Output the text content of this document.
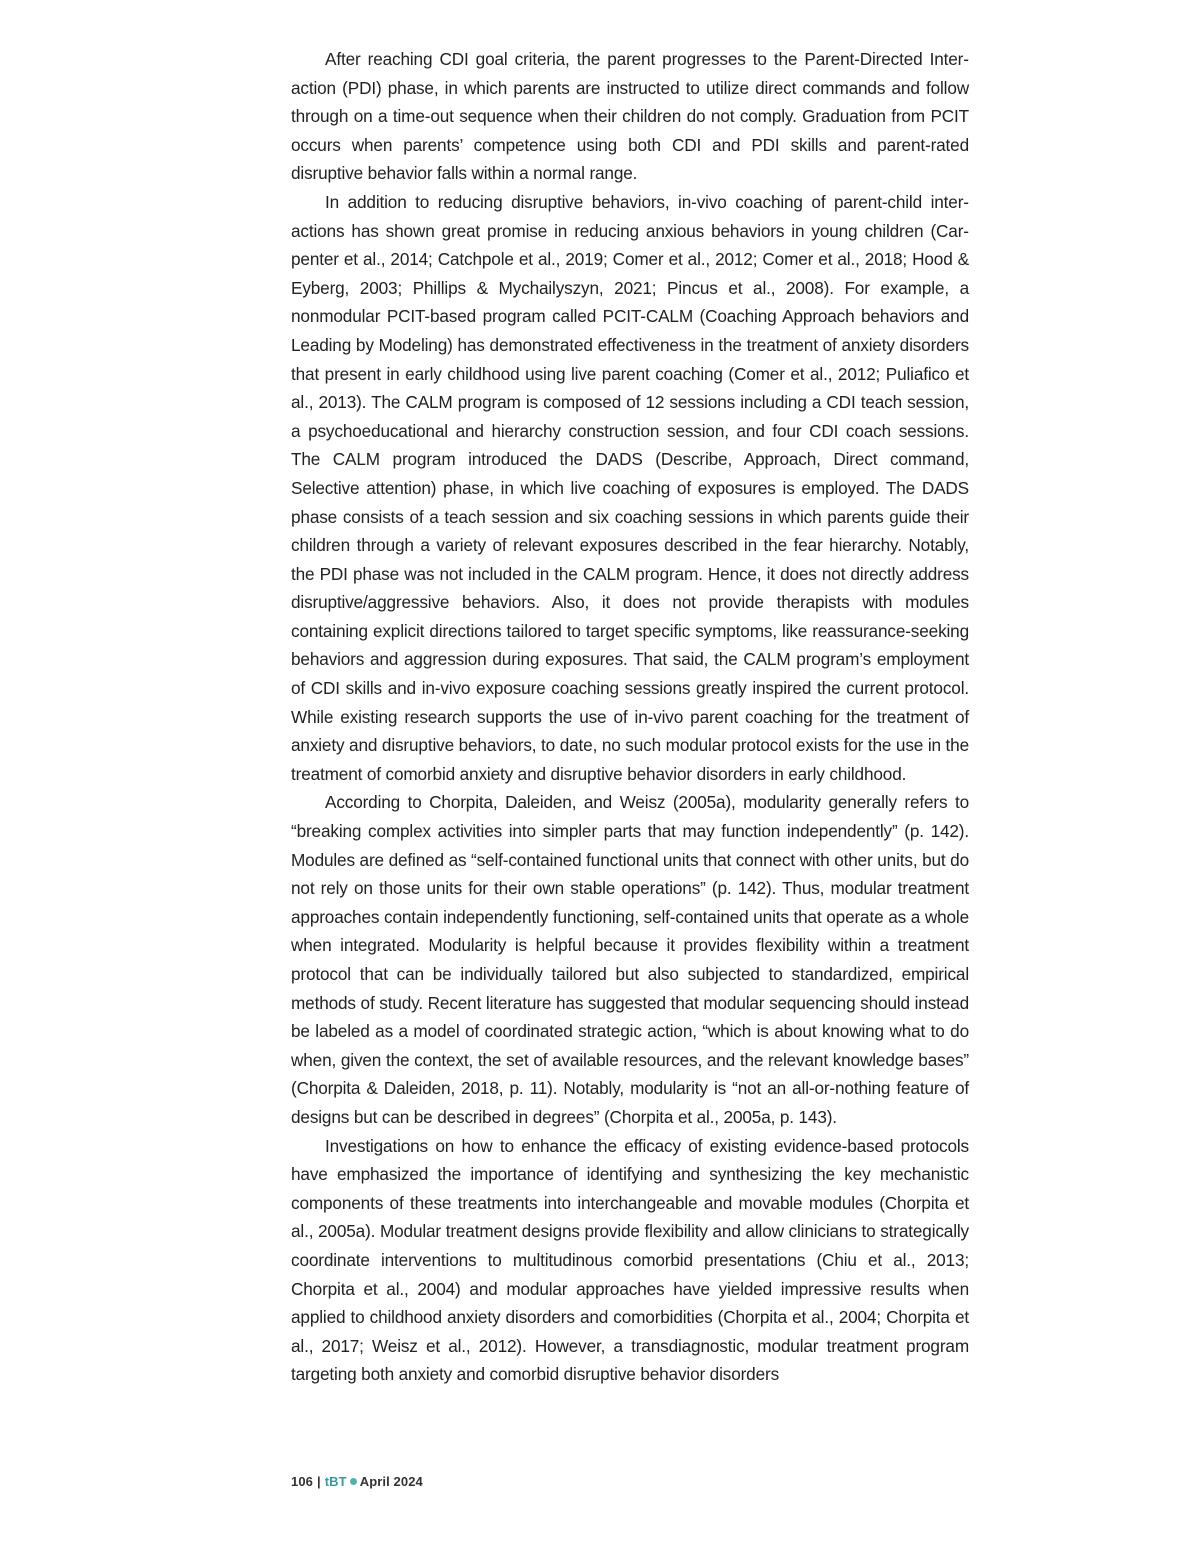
After reaching CDI goal criteria, the parent progresses to the Parent-Directed Interaction (PDI) phase, in which parents are instructed to utilize direct commands and follow through on a time-out sequence when their children do not comply. Graduation from PCIT occurs when parents’ competence using both CDI and PDI skills and parent-rated disruptive behavior falls within a normal range.

In addition to reducing disruptive behaviors, in-vivo coaching of parent-child interactions has shown great promise in reducing anxious behaviors in young children (Carpenter et al., 2014; Catchpole et al., 2019; Comer et al., 2012; Comer et al., 2018; Hood & Eyberg, 2003; Phillips & Mychailyszyn, 2021; Pincus et al., 2008). For example, a nonmodular PCIT-based program called PCIT-CALM (Coaching Approach behaviors and Leading by Modeling) has demonstrated effectiveness in the treatment of anxiety disorders that present in early childhood using live parent coaching (Comer et al., 2012; Puliafico et al., 2013). The CALM program is composed of 12 sessions including a CDI teach session, a psychoeducational and hierarchy construction session, and four CDI coach sessions. The CALM program introduced the DADS (Describe, Approach, Direct command, Selective attention) phase, in which live coaching of exposures is employed. The DADS phase consists of a teach session and six coaching sessions in which parents guide their children through a variety of relevant exposures described in the fear hierarchy. Notably, the PDI phase was not included in the CALM program. Hence, it does not directly address disruptive/aggressive behaviors. Also, it does not provide therapists with modules containing explicit directions tailored to target specific symptoms, like reassurance-seeking behaviors and aggression during exposures. That said, the CALM program’s employment of CDI skills and in-vivo exposure coaching sessions greatly inspired the current protocol. While existing research supports the use of in-vivo parent coaching for the treatment of anxiety and disruptive behaviors, to date, no such modular protocol exists for the use in the treatment of comorbid anxiety and disruptive behavior disorders in early childhood.

According to Chorpita, Daleiden, and Weisz (2005a), modularity generally refers to “breaking complex activities into simpler parts that may function independently” (p. 142). Modules are defined as “self-contained functional units that connect with other units, but do not rely on those units for their own stable operations” (p. 142). Thus, modular treatment approaches contain independently functioning, self-contained units that operate as a whole when integrated. Modularity is helpful because it provides flexibility within a treatment protocol that can be individually tailored but also subjected to standardized, empirical methods of study. Recent literature has suggested that modular sequencing should instead be labeled as a model of coordinated strategic action, “which is about knowing what to do when, given the context, the set of available resources, and the relevant knowledge bases” (Chorpita & Daleiden, 2018, p. 11). Notably, modularity is “not an all-or-nothing feature of designs but can be described in degrees” (Chorpita et al., 2005a, p. 143).

Investigations on how to enhance the efficacy of existing evidence-based protocols have emphasized the importance of identifying and synthesizing the key mechanistic components of these treatments into interchangeable and movable modules (Chorpita et al., 2005a). Modular treatment designs provide flexibility and allow clinicians to strategically coordinate interventions to multitudinous comorbid presentations (Chiu et al., 2013; Chorpita et al., 2004) and modular approaches have yielded impressive results when applied to childhood anxiety disorders and comorbidities (Chorpita et al., 2004; Chorpita et al., 2017; Weisz et al., 2012). However, a transdiagnostic, modular treatment program targeting both anxiety and comorbid disruptive behavior disorders

106 | tBT April 2024
